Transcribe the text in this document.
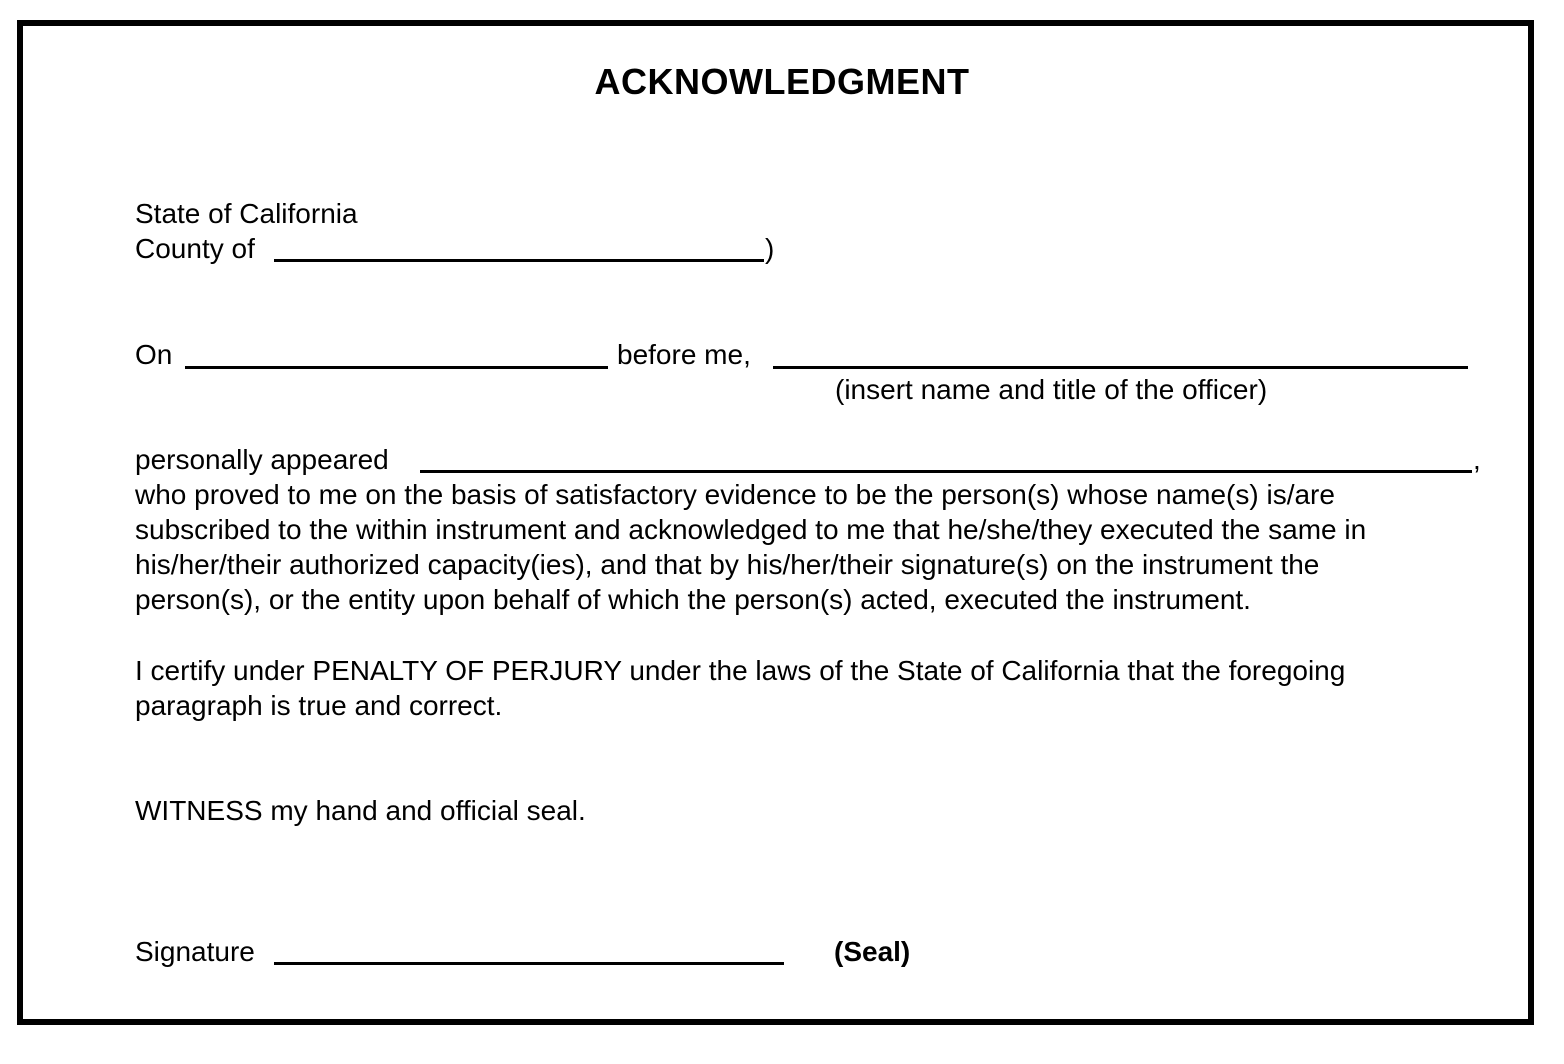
ACKNOWLEDGMENT
State of California
County of	)
On	before me,
(insert name and title of the officer)
personally appeared	,
who proved to me on the basis of satisfactory evidence to be the person(s) whose name(s) is/are
subscribed to the within instrument and acknowledged to me that he/she/they executed the same in
his/her/their authorized capacity(ies), and that by his/her/their signature(s) on the instrument the
person(s), or the entity upon behalf of which the person(s) acted, executed the instrument.
I certify under PENALTY OF PERJURY under the laws of the State of California that the foregoing
paragraph is true and correct.
WITNESS my hand and official seal.
Signature	(Seal)
